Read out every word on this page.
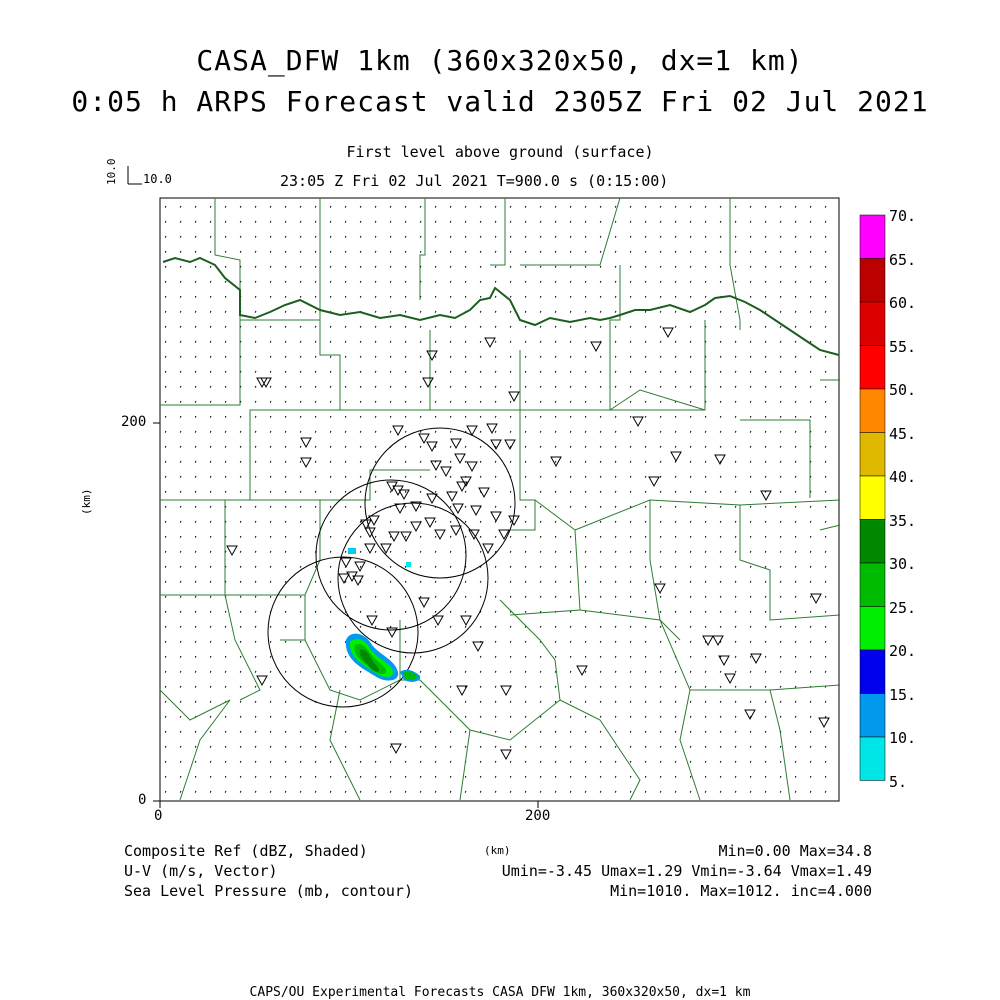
CASA_DFW 1km (360x320x50, dx=1 km)
0:05 h ARPS Forecast valid 2305Z Fri 02 Jul 2021
First level above ground (surface)
23:05 Z Fri 02 Jul 2021 T=900.0 s (0:15:00)
10.0 10.0
0
200
0	200
(km)
(km)
70.
65.
60.
55.
50.
45.
40.
35.
30.
25.
20.
15.
10.
5.
Composite Ref (dBZ, Shaded)
U-V (m/s, Vector)
Sea Level Pressure (mb, contour)
Min=0.00 Max=34.8
Umin=-3.45 Umax=1.29 Vmin=-3.64 Vmax=1.49
Min=1010. Max=1012. inc=4.000
CAPS/OU Experimental Forecasts CASA DFW 1km, 360x320x50, dx=1 km
